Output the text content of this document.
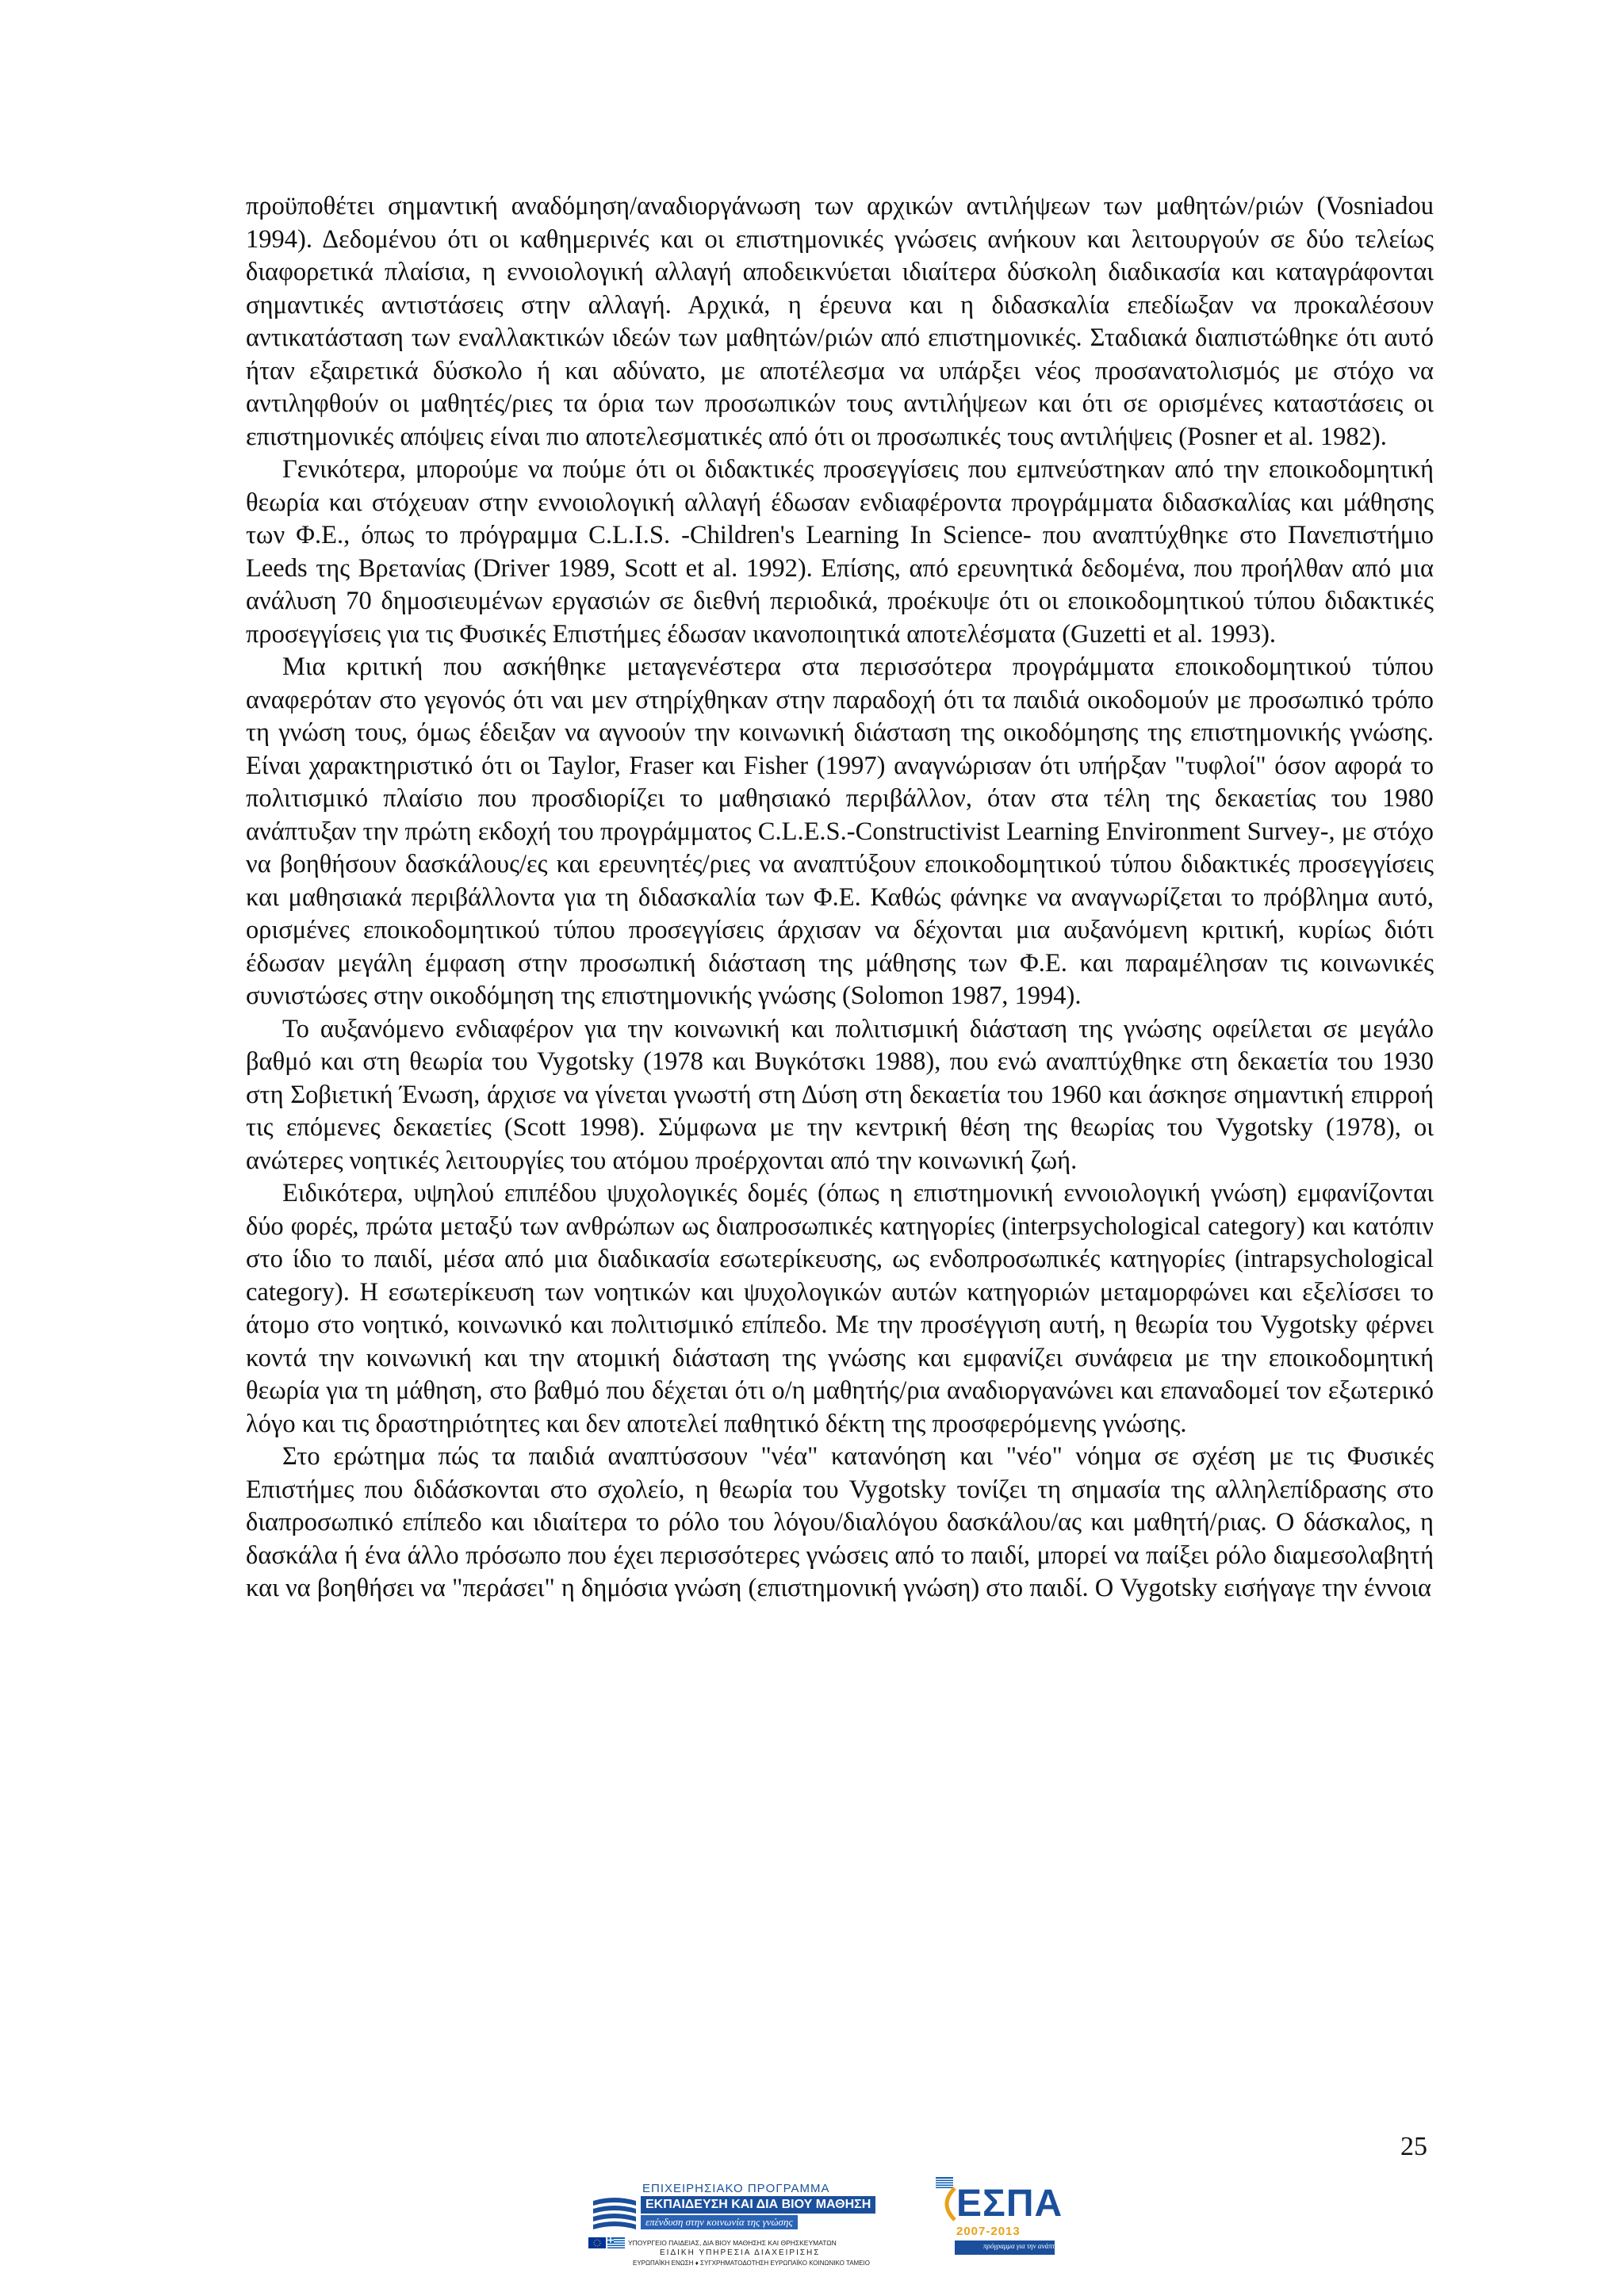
προϋποθέτει σημαντική αναδόμηση/αναδιοργάνωση των αρχικών αντιλήψεων των μαθητών/ριών (Vosniadou 1994). Δεδομένου ότι οι καθημερινές και οι επιστημονικές γνώσεις ανήκουν και λειτουργούν σε δύο τελείως διαφορετικά πλαίσια, η εννοιολογική αλλαγή αποδεικνύεται ιδιαίτερα δύσκολη διαδικασία και καταγράφονται σημαντικές αντιστάσεις στην αλλαγή. Αρχικά, η έρευνα και η διδασκαλία επεδίωξαν να προκαλέσουν αντικατάσταση των εναλλακτικών ιδεών των μαθητών/ριών από επιστημονικές. Σταδιακά διαπιστώθηκε ότι αυτό ήταν εξαιρετικά δύσκολο ή και αδύνατο, με αποτέλεσμα να υπάρξει νέος προσανατολισμός με στόχο να αντιληφθούν οι μαθητές/ριες τα όρια των προσωπικών τους αντιλήψεων και ότι σε ορισμένες καταστάσεις οι επιστημονικές απόψεις είναι πιο αποτελεσματικές από ότι οι προσωπικές τους αντιλήψεις (Posner et al. 1982).

Γενικότερα, μπορούμε να πούμε ότι οι διδακτικές προσεγγίσεις που εμπνεύστηκαν από την εποικοδομητική θεωρία και στόχευαν στην εννοιολογική αλλαγή έδωσαν ενδιαφέροντα προγράμματα διδασκαλίας και μάθησης των Φ.Ε., όπως το πρόγραμμα C.L.I.S. -Children's Learning In Science- που αναπτύχθηκε στο Πανεπιστήμιο Leeds της Βρετανίας (Driver 1989, Scott et al. 1992). Επίσης, από ερευνητικά δεδομένα, που προήλθαν από μια ανάλυση 70 δημοσιευμένων εργασιών σε διεθνή περιοδικά, προέκυψε ότι οι εποικοδομητικού τύπου διδακτικές προσεγγίσεις για τις Φυσικές Επιστήμες έδωσαν ικανοποιητικά αποτελέσματα (Guzetti et al. 1993).

Μια κριτική που ασκήθηκε μεταγενέστερα στα περισσότερα προγράμματα εποικοδομητικού τύπου αναφερόταν στο γεγονός ότι ναι μεν στηρίχθηκαν στην παραδοχή ότι τα παιδιά οικοδομούν με προσωπικό τρόπο τη γνώση τους, όμως έδειξαν να αγνοούν την κοινωνική διάσταση της οικοδόμησης της επιστημονικής γνώσης. Είναι χαρακτηριστικό ότι οι Taylor, Fraser και Fisher (1997) αναγνώρισαν ότι υπήρξαν "τυφλοί" όσον αφορά το πολιτισμικό πλαίσιο που προσδιορίζει το μαθησιακό περιβάλλον, όταν στα τέλη της δεκαετίας του 1980 ανάπτυξαν την πρώτη εκδοχή του προγράμματος C.L.E.S.-Constructivist Learning Environment Survey-, με στόχο να βοηθήσουν δασκάλους/ες και ερευνητές/ριες να αναπτύξουν εποικοδομητικού τύπου διδακτικές προσεγγίσεις και μαθησιακά περιβάλλοντα για τη διδασκαλία των Φ.Ε. Καθώς φάνηκε να αναγνωρίζεται το πρόβλημα αυτό, ορισμένες εποικοδομητικού τύπου προσεγγίσεις άρχισαν να δέχονται μια αυξανόμενη κριτική, κυρίως διότι έδωσαν μεγάλη έμφαση στην προσωπική διάσταση της μάθησης των Φ.Ε. και παραμέλησαν τις κοινωνικές συνιστώσες στην οικοδόμηση της επιστημονικής γνώσης (Solomon 1987, 1994).

Το αυξανόμενο ενδιαφέρον για την κοινωνική και πολιτισμική διάσταση της γνώσης οφείλεται σε μεγάλο βαθμό και στη θεωρία του Vygotsky (1978 και Βυγκότσκι 1988), που ενώ αναπτύχθηκε στη δεκαετία του 1930 στη Σοβιετική Ένωση, άρχισε να γίνεται γνωστή στη Δύση στη δεκαετία του 1960 και άσκησε σημαντική επιρροή τις επόμενες δεκαετίες (Scott 1998). Σύμφωνα με την κεντρική θέση της θεωρίας του Vygotsky (1978), οι ανώτερες νοητικές λειτουργίες του ατόμου προέρχονται από την κοινωνική ζωή.

Ειδικότερα, υψηλού επιπέδου ψυχολογικές δομές (όπως η επιστημονική εννοιολογική γνώση) εμφανίζονται δύο φορές, πρώτα μεταξύ των ανθρώπων ως διαπροσωπικές κατηγορίες (interpsychological category) και κατόπιν στο ίδιο το παιδί, μέσα από μια διαδικασία εσωτερίκευσης, ως ενδοπροσωπικές κατηγορίες (intrapsychological category). Η εσωτερίκευση των νοητικών και ψυχολογικών αυτών κατηγοριών μεταμορφώνει και εξελίσσει το άτομο στο νοητικό, κοινωνικό και πολιτισμικό επίπεδο. Με την προσέγγιση αυτή, η θεωρία του Vygotsky φέρνει κοντά την κοινωνική και την ατομική διάσταση της γνώσης και εμφανίζει συνάφεια με την εποικοδομητική θεωρία για τη μάθηση, στο βαθμό που δέχεται ότι ο/η μαθητής/ρια αναδιοργανώνει και επαναδομεί τον εξωτερικό λόγο και τις δραστηριότητες και δεν αποτελεί παθητικό δέκτη της προσφερόμενης γνώσης.

Στο ερώτημα πώς τα παιδιά αναπτύσσουν "νέα" κατανόηση και "νέο" νόημα σε σχέση με τις Φυσικές Επιστήμες που διδάσκονται στο σχολείο, η θεωρία του Vygotsky τονίζει τη σημασία της αλληλεπίδρασης στο διαπροσωπικό επίπεδο και ιδιαίτερα το ρόλο του λόγου/διαλόγου δασκάλου/ας και μαθητή/ριας. Ο δάσκαλος, η δασκάλα ή ένα άλλο πρόσωπο που έχει περισσότερες γνώσεις από το παιδί, μπορεί να παίξει ρόλο διαμεσολαβητή και να βοηθήσει να "περάσει" η δημόσια γνώση (επιστημονική γνώση) στο παιδί. Ο Vygotsky εισήγαγε την έννοια

25
ΕΠΙΧΕΙΡΗΣΙΑΚΟ ΠΡΟΓΡΑΜΜΑ
ΕΚΠΑΙΔΕΥΣΗ ΚΑΙ ΔΙΑ ΒΙΟΥ ΜΑΘΗΣΗ
επένδυση στην κοινωνία της γνώσης
ΥΠΟΥΡΓΕΙΟ ΠΑΙΔΕΙΑΣ, ΔΙΑ ΒΙΟΥ ΜΑΘΗΣΗΣ ΚΑΙ ΘΡΗΣΚΕΥΜΑΤΩΝ
ΕΙΔΙΚΗ ΥΠΗΡΕΣΙΑ ΔΙΑΧΕΙΡΙΣΗΣ
ΕΥΡΩΠΑΪΚΗ ΕΝΩΣΗ ♦ ΣΥΓΧΡΗΜΑΤΟΔΟΤΗΣΗ ΕΥΡΩΠΑΪΚΟ ΚΟΙΝΩΝΙΚΟ ΤΑΜΕΙΟ
ΕΣΠΑ
2007-2013
πρόγραμμα για την ανάπτυξη
